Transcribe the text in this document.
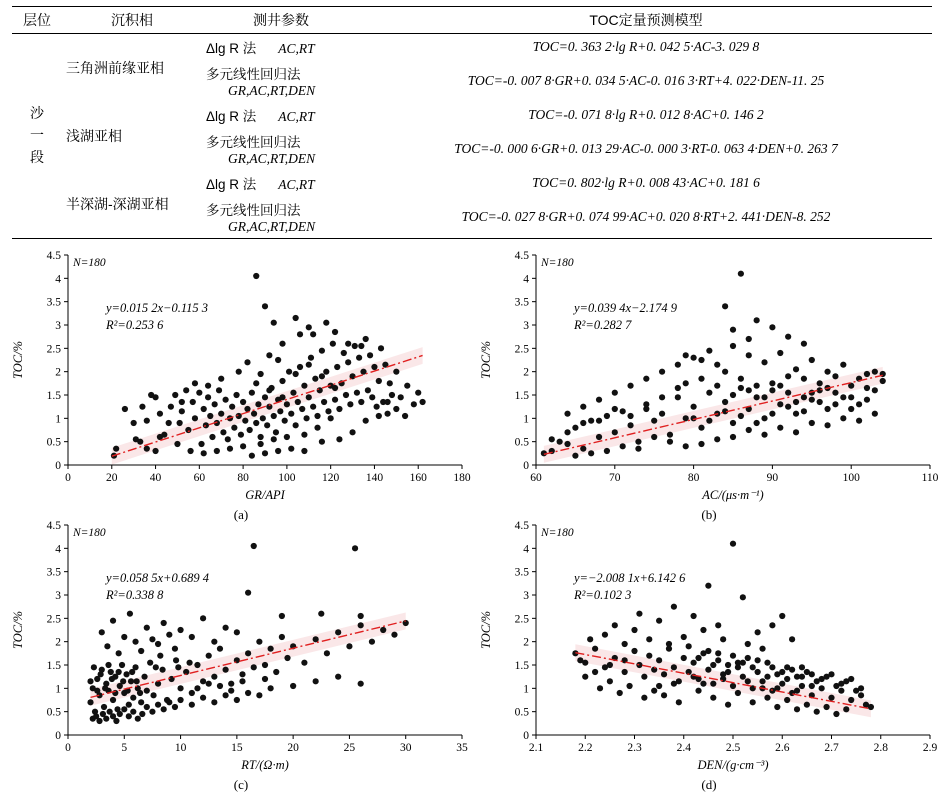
层位	沉积相	测井参数	TOC定量预测模型

沙
一
段	三角洲前缘亚相	Δlg R 法 AC,RT	TOC=0. 363 2·lg R+0. 042 5·AC-3. 029 8
		多元线性回归法GR,AC,RT,DEN	TOC=-0. 007 8·GR+0. 034 5·AC-0. 016 3·RT+4. 022·DEN-11. 25
	浅湖亚相	Δlg R 法 AC,RT	TOC=-0. 071 8·lg R+0. 012 8·AC+0. 146 2
		多元线性回归法GR,AC,RT,DEN	TOC=-0. 000 6·GR+0. 013 29·AC-0. 000 3·RT-0. 063 4·DEN+0. 263 7
	半深湖-深湖亚相	Δlg R 法 AC,RT	TOC=0. 802·lg R+0. 008 43·AC+0. 181 6
		多元线性回归法GR,AC,RT,DEN	TOC=-0. 027 8·GR+0. 074 99·AC+0. 020 8·RT+2. 441·DEN-8. 252
0	20	40	60	80	100 120 140 160 180
0
0.5
1
1.5
2
2.5
3
3.5
4
4.5
TOC/%
GR/API
N=180
y=0.015 2x−0.115 3
R²=0.253 6
(a)
60	70	80	90	100	110
0
0.5
1
1.5
2
2.5
3
3.5
4
4.5
TOC/%
AC/(μs·m⁻¹)
N=180
y=0.039 4x−2.174 9
R²=0.282 7
(b)
0	5	10	15	20	25	30	35
0
0.5
1
1.5
2
2.5
3
3.5
4
4.5
TOC/%
RT/(Ω·m)
N=180
y=0.058 5x+0.689 4
R²=0.338 8
(c)
2.1	2.2	2.3	2.4	2.5	2.6	2.7	2.8	2.9
0
0.5
1
1.5
2
2.5
3
3.5
4
4.5
TOC/%
DEN/(g·cm⁻³)
N=180
y=−2.008 1x+6.142 6
R²=0.102 3
(d)
